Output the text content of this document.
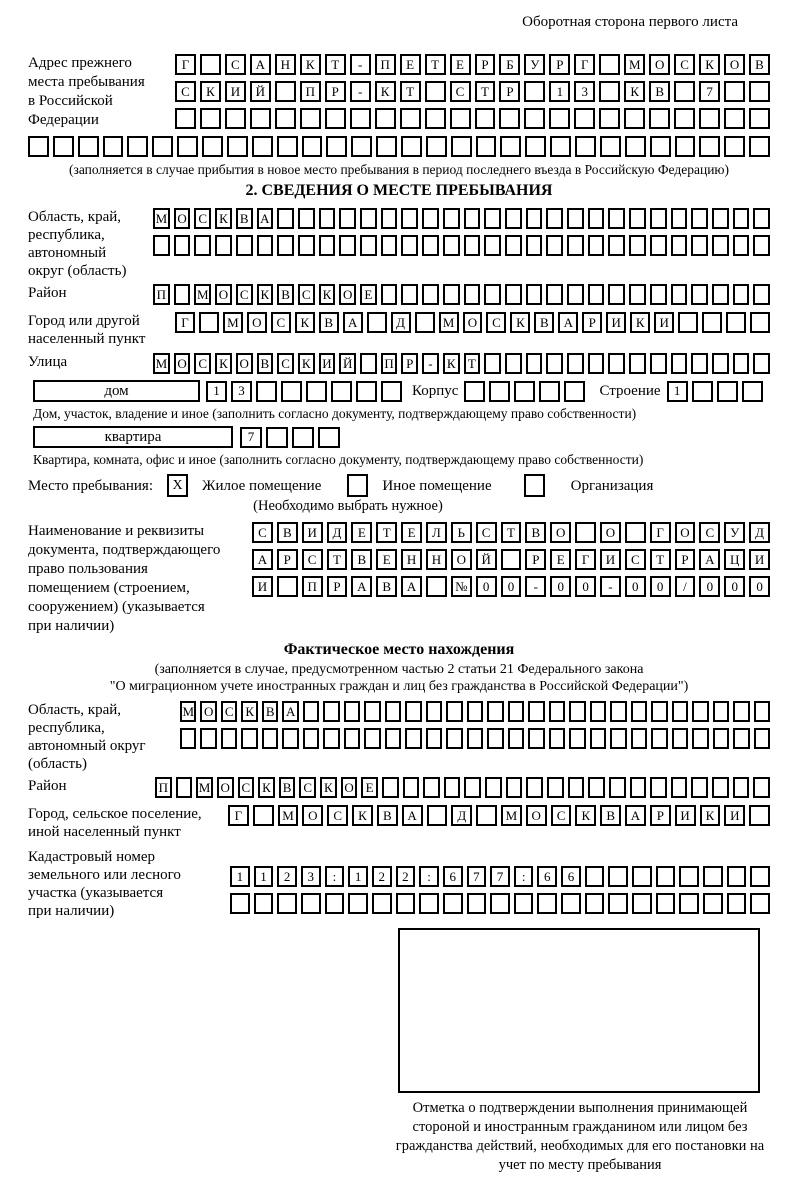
Оборотная сторона первого листа
Адрес прежнего
места пребывания
в Российской
Федерации
Г	С	А	Н	К	Т	-	П	Е	Т	Е	Р	Б	У	Р	Г	М	О	С	К	О	В
С	К	И	Й	П	Р	-	К	Т	С	Т	Р	1	3	К	В	7
(заполняется в случае прибытия в новое место пребывания в период последнего въезда в Российскую Федерацию)
2. СВЕДЕНИЯ О МЕСТЕ ПРЕБЫВАНИЯ
Область, край,
республика,
автономный
округ (область)
М О С К В А
Район	П М О С К В С К О Е
Город или другой
населенный пункт
Г	М	О	С	К	В	А	Д	М	О	С	К	В	А	Р	И	К	И
Улица	М О С К О В С К И Й П Р	-	К Т
дом	1	3	Корпус	Строение	1
Дом, участок, владение и иное (заполнить согласно документу, подтверждающему право собственности)
квартира	7
Квартира, комната, офис и иное (заполнить согласно документу, подтверждающему право собственности)
Место пребывания:	X	Жилое помещение	Иное помещение	Организация
(Необходимо выбрать нужное)
Наименование и реквизиты
документа, подтверждающего
право пользования
помещением (строением,
сооружением) (указывается
при наличии)
С	В	И	Д	Е	Т	Е	Л	Ь	С	Т	В	О	О	Г	О	С	У	Д
А	Р	С	Т	В	Е	Н	Н	О	Й	Р	Е	Г	И	С	Т	Р	А	Ц	И
И	П	Р	А	В	А	№	0	0	-	0	0	-	0	0	/	0	0	0
Фактическое место нахождения
(заполняется в случае, предусмотренном частью 2 статьи 21 Федерального закона
"О миграционном учете иностранных граждан и лиц без гражданства в Российской Федерации")
Область, край,
республика,
автономный округ
(область)
М О С К В А
Район	П М О С К В С К О Е
Город, сельское поселение,
иной населенный пункт
Г	М	О	С	К	В	А	Д	М	О	С	К	В	А	Р	И	К	И
Кадастровый номер
земельного или лесного
участка (указывается
при наличии)
1	1	2	3	:	1	2	2	:	6	7	7	:	6	6
Отметка о подтверждении выполнения принимающей стороной и иностранным гражданином или лицом без гражданства действий, необходимых для его постановки на учет по месту пребывания
